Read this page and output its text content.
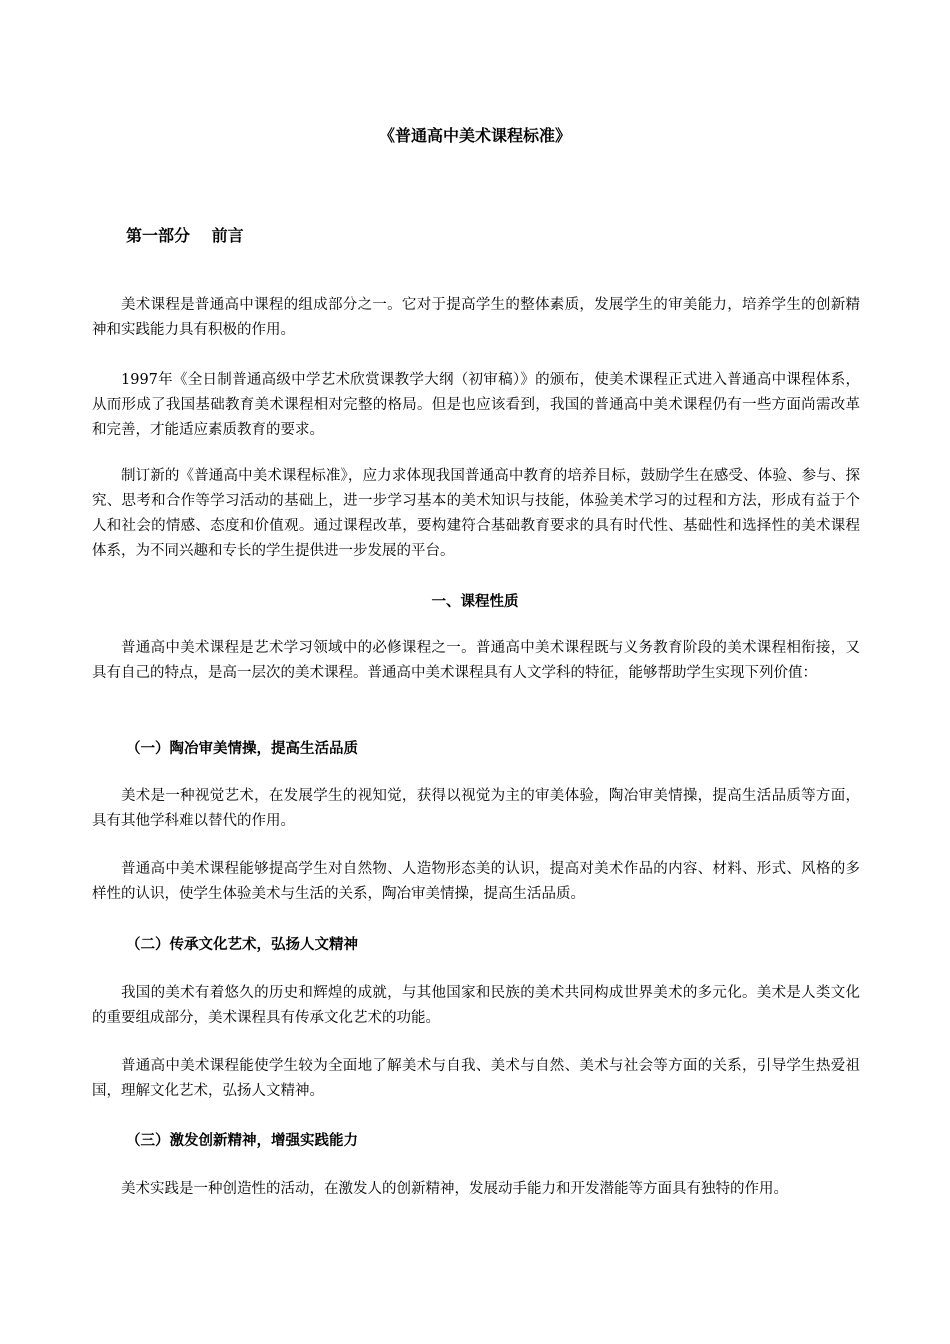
《普通高中美术课程标准》
第一部分　 前言

美术课程是普通高中课程的组成部分之一。它对于提高学生的整体素质，发展学生的审美能力，培养学生的创新精神和实践能力具有积极的作用。

1997年《全日制普通高级中学艺术欣赏课教学大纲（初审稿）》的颁布，使美术课程正式进入普通高中课程体系，从而形成了我国基础教育美术课程相对完整的格局。但是也应该看到，我国的普通高中美术课程仍有一些方面尚需改革和完善，才能适应素质教育的要求。

制订新的《普通高中美术课程标准》，应力求体现我国普通高中教育的培养目标，鼓励学生在感受、体验、参与、探究、思考和合作等学习活动的基础上，进一步学习基本的美术知识与技能，体验美术学习的过程和方法，形成有益于个人和社会的情感、态度和价值观。通过课程改革，要构建符合基础教育要求的具有时代性、基础性和选择性的美术课程体系，为不同兴趣和专长的学生提供进一步发展的平台。

一、课程性质

普通高中美术课程是艺术学习领域中的必修课程之一。普通高中美术课程既与义务教育阶段的美术课程相衔接，又具有自己的特点，是高一层次的美术课程。普通高中美术课程具有人文学科的特征，能够帮助学生实现下列价值：

（一）陶冶审美情操，提高生活品质

美术是一种视觉艺术，在发展学生的视知觉，获得以视觉为主的审美体验，陶冶审美情操，提高生活品质等方面，具有其他学科难以替代的作用。

普通高中美术课程能够提高学生对自然物、人造物形态美的认识，提高对美术作品的内容、材料、形式、风格的多样性的认识，使学生体验美术与生活的关系，陶冶审美情操，提高生活品质。

（二）传承文化艺术，弘扬人文精神

我国的美术有着悠久的历史和辉煌的成就，与其他国家和民族的美术共同构成世界美术的多元化。美术是人类文化的重要组成部分，美术课程具有传承文化艺术的功能。

普通高中美术课程能使学生较为全面地了解美术与自我、美术与自然、美术与社会等方面的关系，引导学生热爱祖国，理解文化艺术，弘扬人文精神。

（三）激发创新精神，增强实践能力

美术实践是一种创造性的活动，在激发人的创新精神，发展动手能力和开发潜能等方面具有独特的作用。
